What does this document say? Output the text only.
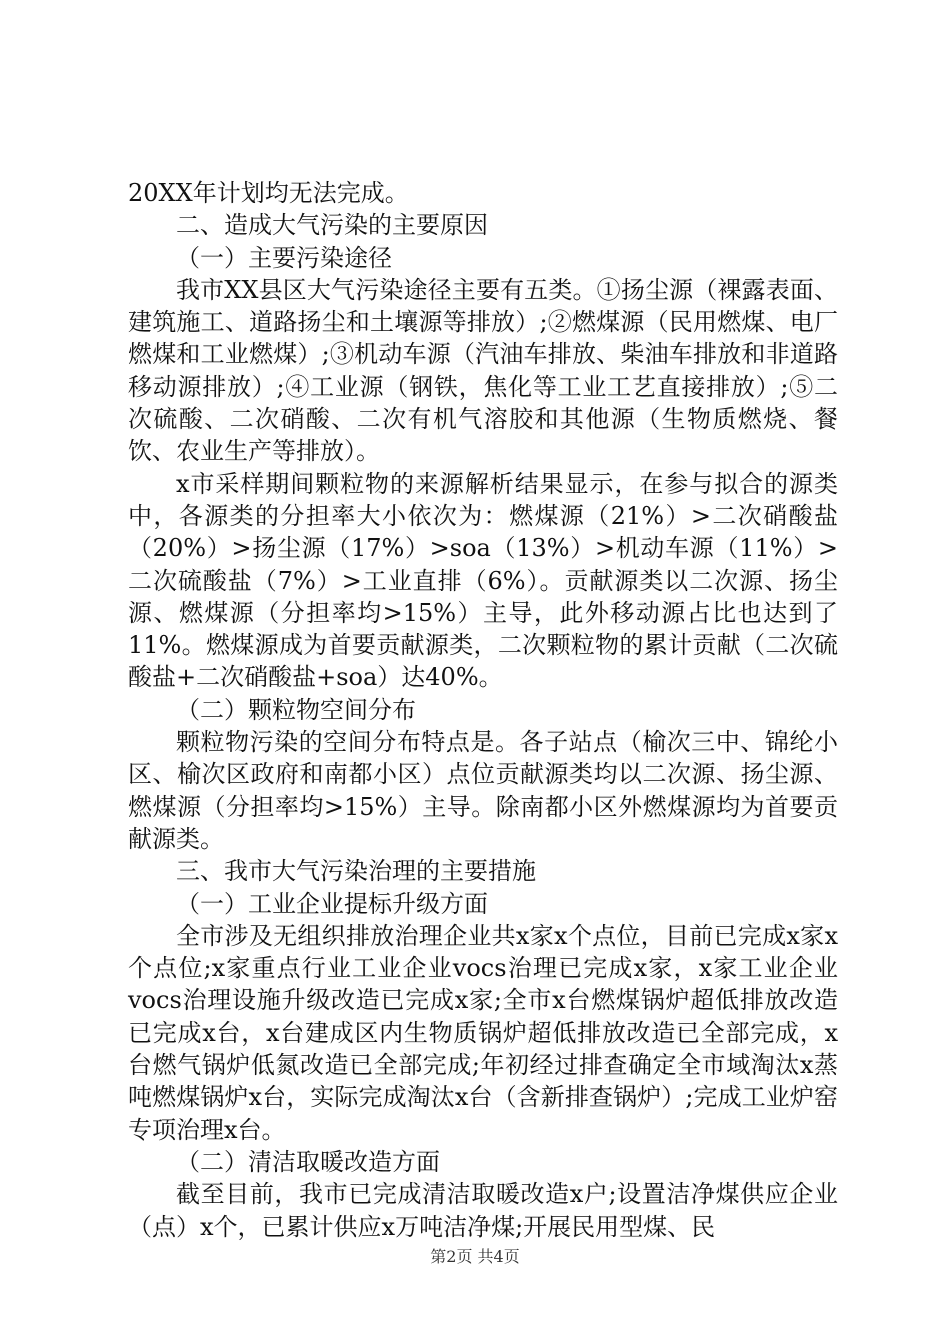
20XX年计划均无法完成。

二、造成大气污染的主要原因

（一）主要污染途径

我市XX县区大气污染途径主要有五类。①扬尘源（裸露表面、建筑施工、道路扬尘和土壤源等排放）;②燃煤源（民用燃煤、电厂燃煤和工业燃煤）;③机动车源（汽油车排放、柴油车排放和非道路移动源排放）;④工业源（钢铁，焦化等工业工艺直接排放）;⑤二次硫酸、二次硝酸、二次有机气溶胶和其他源（生物质燃烧、餐饮、农业生产等排放）。

x市采样期间颗粒物的来源解析结果显示，在参与拟合的源类中，各源类的分担率大小依次为：燃煤源（21%）>二次硝酸盐（20%）>扬尘源（17%）>soa（13%）>机动车源（11%）>二次硫酸盐（7%）>工业直排（6%）。贡献源类以二次源、扬尘源、燃煤源（分担率均>15%）主导，此外移动源占比也达到了11%。燃煤源成为首要贡献源类，二次颗粒物的累计贡献（二次硫酸盐+二次硝酸盐+soa）达40%。

（二）颗粒物空间分布

颗粒物污染的空间分布特点是。各子站点（榆次三中、锦纶小区、榆次区政府和南都小区）点位贡献源类均以二次源、扬尘源、燃煤源（分担率均>15%）主导。除南都小区外燃煤源均为首要贡献源类。

三、我市大气污染治理的主要措施

（一）工业企业提标升级方面

全市涉及无组织排放治理企业共x家x个点位，目前已完成x家x个点位;x家重点行业工业企业vocs治理已完成x家，x家工业企业vocs治理设施升级改造已完成x家;全市x台燃煤锅炉超低排放改造已完成x台，x台建成区内生物质锅炉超低排放改造已全部完成，x台燃气锅炉低氮改造已全部完成;年初经过排查确定全市域淘汰x蒸吨燃煤锅炉x台，实际完成淘汰x台（含新排查锅炉）;完成工业炉窑专项治理x台。

（二）清洁取暖改造方面

截至目前，我市已完成清洁取暖改造x户;设置洁净煤供应企业（点）x个，已累计供应x万吨洁净煤;开展民用型煤、民

第2页 共4页
